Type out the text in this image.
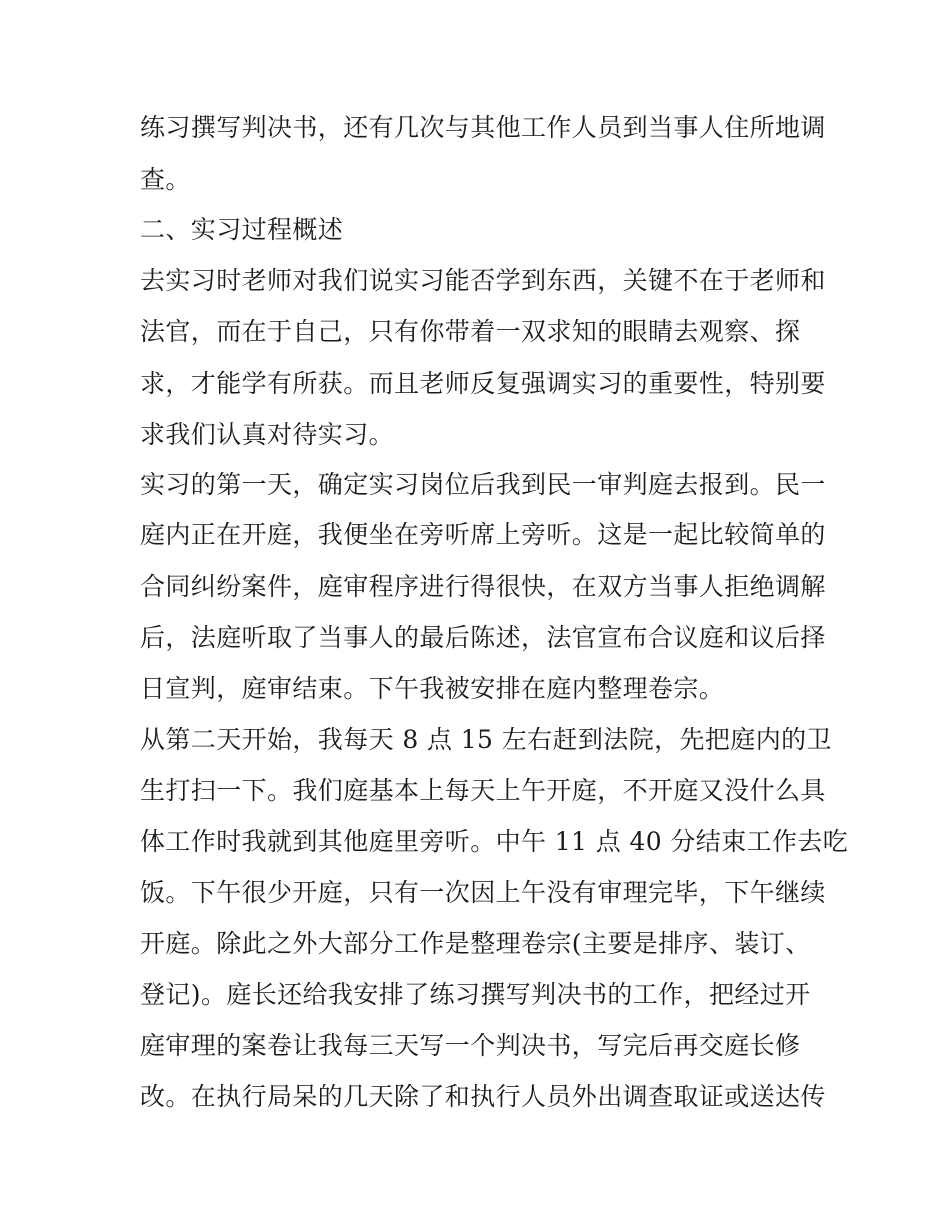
练习撰写判决书，还有几次与其他工作人员到当事人住所地调
查。
二、实习过程概述
去实习时老师对我们说实习能否学到东西，关键不在于老师和
法官，而在于自己，只有你带着一双求知的眼睛去观察、探
求，才能学有所获。而且老师反复强调实习的重要性，特别要
求我们认真对待实习。
实习的第一天，确定实习岗位后我到民一审判庭去报到。民一
庭内正在开庭，我便坐在旁听席上旁听。这是一起比较简单的
合同纠纷案件，庭审程序进行得很快，在双方当事人拒绝调解
后，法庭听取了当事人的最后陈述，法官宣布合议庭和议后择
日宣判，庭审结束。下午我被安排在庭内整理卷宗。
从第二天开始，我每天 8 点 15 左右赶到法院，先把庭内的卫
生打扫一下。我们庭基本上每天上午开庭，不开庭又没什么具
体工作时我就到其他庭里旁听。中午 11 点 40 分结束工作去吃
饭。下午很少开庭，只有一次因上午没有审理完毕，下午继续
开庭。除此之外大部分工作是整理卷宗(主要是排序、装订、
登记)。庭长还给我安排了练习撰写判决书的工作，把经过开
庭审理的案卷让我每三天写一个判决书，写完后再交庭长修
改。在执行局呆的几天除了和执行人员外出调查取证或送达传
